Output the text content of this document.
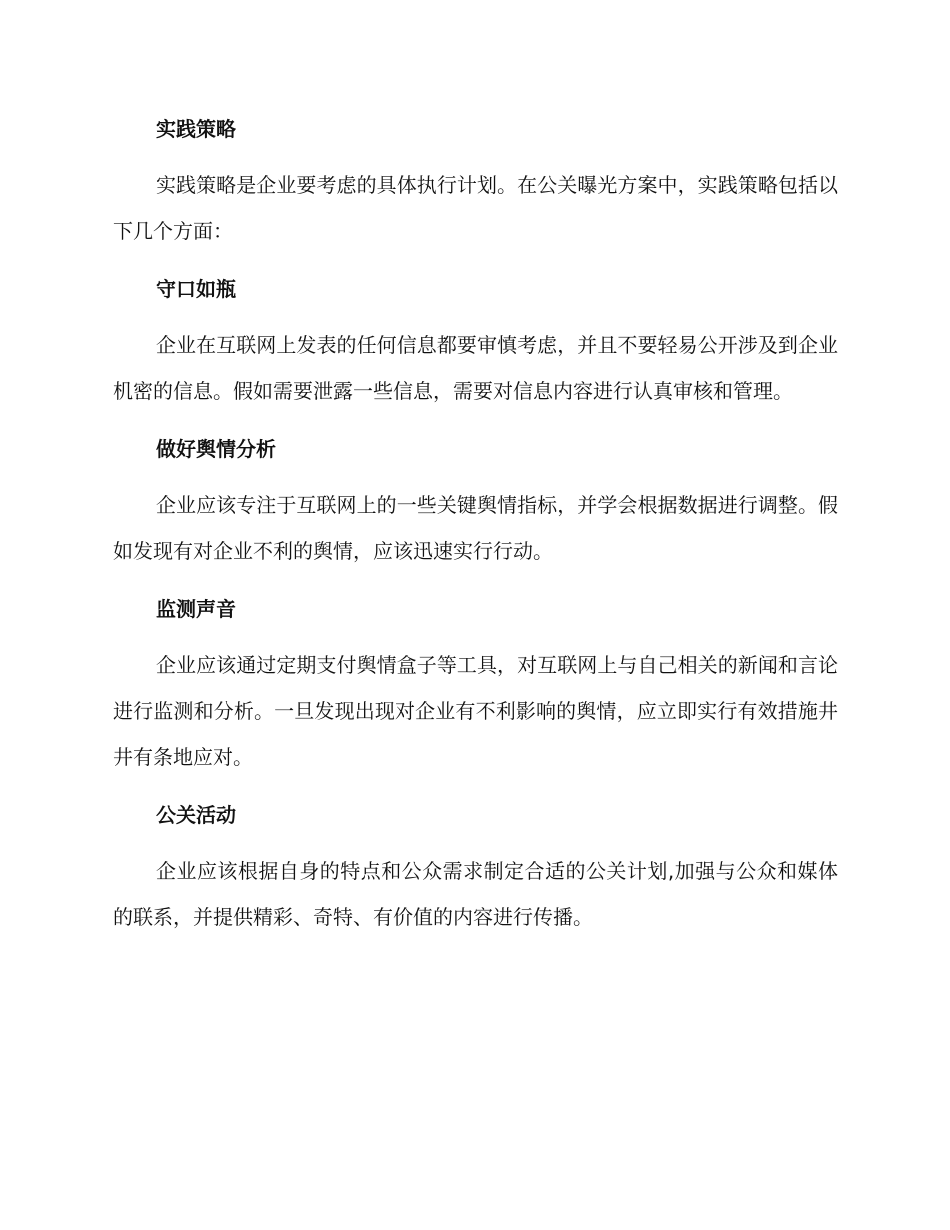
实践策略

实践策略是企业要考虑的具体执行计划。在公关曝光方案中，实践策略包括以下几个方面：

守口如瓶

企业在互联网上发表的任何信息都要审慎考虑，并且不要轻易公开涉及到企业机密的信息。假如需要泄露一些信息，需要对信息内容进行认真审核和管理。

做好舆情分析

企业应该专注于互联网上的一些关键舆情指标，并学会根据数据进行调整。假如发现有对企业不利的舆情，应该迅速实行行动。

监测声音

企业应该通过定期支付舆情盒子等工具，对互联网上与自己相关的新闻和言论进行监测和分析。一旦发现出现对企业有不利影响的舆情，应立即实行有效措施井井有条地应对。

公关活动

企业应该根据自身的特点和公众需求制定合适的公关计划,加强与公众和媒体的联系，并提供精彩、奇特、有价值的内容进行传播。
